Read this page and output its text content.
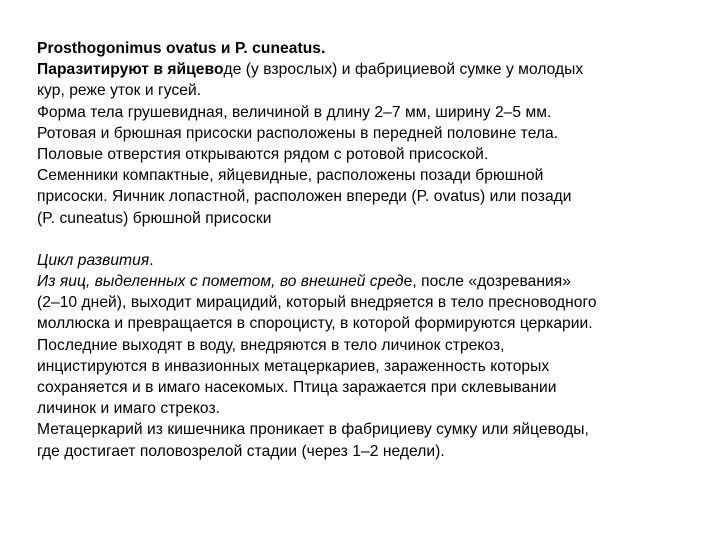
Prosthogonimus ovatus и P. cuneatus.
Паразитируют в яйцеводе (у взрослых) и фабрициевой сумке у молодых
кур, реже уток и гусей.
Форма тела грушевидная, величиной в длину 2–7 мм, ширину 2–5 мм.
Ротовая и брюшная присоски расположены в передней половине тела.
Половые отверстия открываются рядом с ротовой присоской.
Семенники компактные, яйцевидные, расположены позади брюшной
присоски. Яичник лопастной, расположен впереди (P. ovatus) или позади
(P. cuneatus) брюшной присоски
Цикл развития.
Из яиц, выделенных с пометом, во внешней среде, после «дозревания»
(2–10 дней), выходит мирацидий, который внедряется в тело пресноводного
моллюска и превращается в спороцисту, в которой формируются церкарии.
Последние выходят в воду, внедряются в тело личинок стрекоз,
инцистируются в инвазионных метацеркариев, зараженность которых
сохраняется и в имаго насекомых. Птица заражается при склевывании
личинок и имаго стрекоз.
Метацеркарий из кишечника проникает в фабрициеву сумку или яйцеводы,
где достигает половозрелой стадии (через 1–2 недели).
